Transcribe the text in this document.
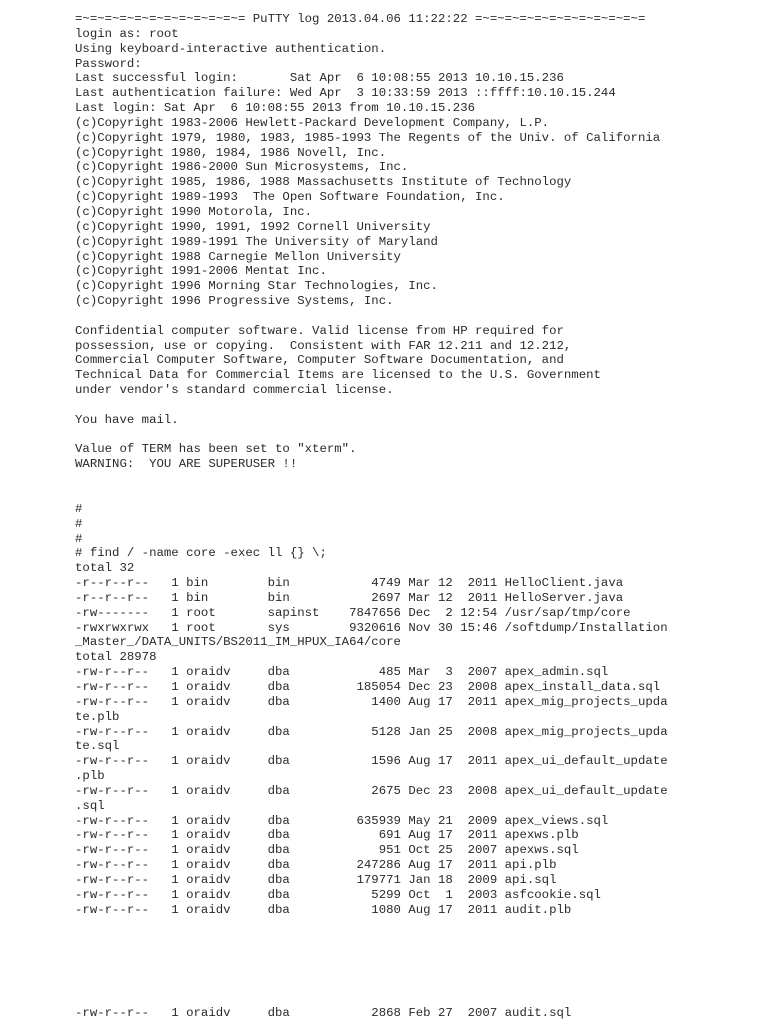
=~=~=~=~=~=~=~=~=~=~=~= PuTTY log 2013.04.06 11:22:22 =~=~=~=~=~=~=~=~=~=~=~=
login as: root
Using keyboard-interactive authentication.
Password:
Last successful login:       Sat Apr  6 10:08:55 2013 10.10.15.236
Last authentication failure: Wed Apr  3 10:33:59 2013 ::ffff:10.10.15.244
Last login: Sat Apr  6 10:08:55 2013 from 10.10.15.236
(c)Copyright 1983-2006 Hewlett-Packard Development Company, L.P.
(c)Copyright 1979, 1980, 1983, 1985-1993 The Regents of the Univ. of California
(c)Copyright 1980, 1984, 1986 Novell, Inc.
(c)Copyright 1986-2000 Sun Microsystems, Inc.
(c)Copyright 1985, 1986, 1988 Massachusetts Institute of Technology
(c)Copyright 1989-1993  The Open Software Foundation, Inc.
(c)Copyright 1990 Motorola, Inc.
(c)Copyright 1990, 1991, 1992 Cornell University
(c)Copyright 1989-1991 The University of Maryland
(c)Copyright 1988 Carnegie Mellon University
(c)Copyright 1991-2006 Mentat Inc.
(c)Copyright 1996 Morning Star Technologies, Inc.
(c)Copyright 1996 Progressive Systems, Inc.
Confidential computer software. Valid license from HP required for
possession, use or copying.  Consistent with FAR 12.211 and 12.212,
Commercial Computer Software, Computer Software Documentation, and
Technical Data for Commercial Items are licensed to the U.S. Government
under vendor's standard commercial license.
You have mail.
Value of TERM has been set to "xterm".
WARNING:  YOU ARE SUPERUSER !!
#
#
#
# find / -name core -exec ll {} \;
total 32
-r--r--r--   1 bin        bin           4749 Mar 12  2011 HelloClient.java
-r--r--r--   1 bin        bin           2697 Mar 12  2011 HelloServer.java
-rw-------   1 root       sapinst    7847656 Dec  2 12:54 /usr/sap/tmp/core
-rwxrwxrwx   1 root       sys        9320616 Nov 30 15:46 /softdump/Installation
_Master_/DATA_UNITS/BS2011_IM_HPUX_IA64/core
total 28978
-rw-r--r--   1 oraidv     dba            485 Mar  3  2007 apex_admin.sql
-rw-r--r--   1 oraidv     dba         185054 Dec 23  2008 apex_install_data.sql
-rw-r--r--   1 oraidv     dba           1400 Aug 17  2011 apex_mig_projects_upda
te.plb
-rw-r--r--   1 oraidv     dba           5128 Jan 25  2008 apex_mig_projects_upda
te.sql
-rw-r--r--   1 oraidv     dba           1596 Aug 17  2011 apex_ui_default_update
.plb
-rw-r--r--   1 oraidv     dba           2675 Dec 23  2008 apex_ui_default_update
.sql
-rw-r--r--   1 oraidv     dba         635939 May 21  2009 apex_views.sql
-rw-r--r--   1 oraidv     dba            691 Aug 17  2011 apexws.plb
-rw-r--r--   1 oraidv     dba            951 Oct 25  2007 apexws.sql
-rw-r--r--   1 oraidv     dba         247286 Aug 17  2011 api.plb
-rw-r--r--   1 oraidv     dba         179771 Jan 18  2009 api.sql
-rw-r--r--   1 oraidv     dba           5299 Oct  1  2003 asfcookie.sql
-rw-r--r--   1 oraidv     dba           1080 Aug 17  2011 audit.plb
-rw-r--r--   1 oraidv     dba           2868 Feb 27  2007 audit.sql
